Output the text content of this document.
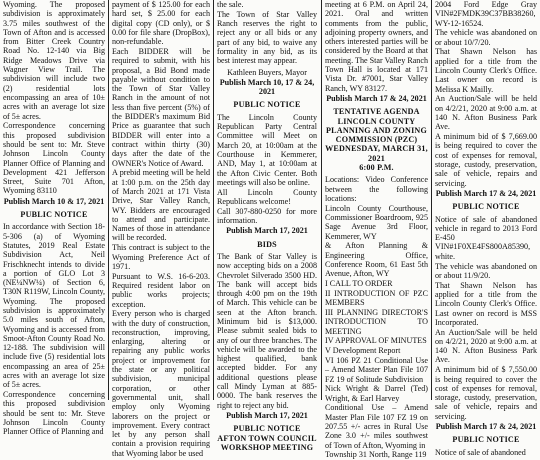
Wyoming. The proposed subdivision is approximately 3.75 miles southwest of the Town of Afton and is accessed from Bitter Creek Country Road No. 12-140 via Big Ridge Meadows Drive via Wagner View Trail. The subdivision will include two (2) residential lots encompassing an area of 10± acres with an average lot size of 5± acres.

Correspondence concerning this proposed subdivision should be sent to: Mr. Steve Johnson Lincoln County Planner Office of Planning and Development 421 Jefferson Street, Suite 701 Afton, Wyoming 83110

Publish March 10 & 17, 2021

PUBLIC NOTICE

In accordance with Section 18-5-306 (a) of Wyoming Statutes, 2019 Real Estate Subdivision Act, Neil Frischknecht intends to divide a portion of GLO Lot 3 (NE¼NW¼) of Section 6, T30N R119W, Lincoln County, Wyoming. The proposed subdivision is approximately 5.0 miles south of Afton, Wyoming and is accessed from Smoot-Afton County Road No. 12-188. The subdivision will include five (5) residential lots encompassing an area of 25± acres with an average lot size of 5± acres.

Correspondence concerning this proposed subdivision should be sent to: Mr. Steve Johnson Lincoln County Planner Office of Planning and

payment of $ 125.00 for each hard set, $ 25.00 for each digital copy (CD only), or $ 0.00 for file share (DropBox), non-refundable.

Each BIDDER will be required to submit, with his proposal, a Bid Bond made payable without condition to the Town of Star Valley Ranch in the amount of not less than five percent (5%) of the BIDDER's maximum Bid Price as guarantee that such BIDDER will enter into a contract within thirty (30) days after the date of the OWNER's Notice of Award.

A prebid meeting will be held at 1:00 p.m. on the 25th day of March 2021 at 171 Vista Drive, Star Valley Ranch, WY. Bidders are encouraged to attend and participate. Names of those in attendance will be recorded.

This contract is subject to the Wyoming Preference Act of 1971.

Pursuant to W.S. 16-6-203. Required resident labor on public works projects; exception.

Every person who is charged with the duty of construction, reconstruction, improving, enlarging, altering or repairing any public works project or improvement for the state or any political subdivision, municipal corporation, or other governmental unit, shall employ only Wyoming laborers on the project or improvement. Every contract let by any person shall contain a provision requiring that Wyoming labor be used

the sale.

The Town of Star Valley Ranch reserves the right to reject any or all bids or any part of any bid, to waive any formality in any bid, as its best interest may appear.

Kathleen Buyers, Mayor

Publish March 10, 17 & 24, 2021

PUBLIC NOTICE

The Lincoln County Republican Party Central Committee will Meet on March 20, at 10:00am at the Courthouse in Kemmerer, AND, May 1, at 10:00am at the Afton Civic Center. Both meetings will also be online.

All Lincoln County Republicans welcome!

Call 307-880-0250 for more information.

Publish March 17, 2021

BIDS

The Bank of Star Valley is now accepting bids on a 2008 Chevrolet Silverado 3500 HD. The bank will accept bids through 4:00 pm on the 19th of March. This vehicle can be seen at the Afton branch. Minimum bid is $13,000. Please submit sealed bids to any of our three branches. The vehicle will be awarded to the highest qualified, bank accepted bidder. For any additional questions please call Mindy Lyman at 885-0000. The bank reserves the right to reject any bid.

Publish March 17, 2021

PUBLIC NOTICE
AFTON TOWN COUNCIL
WORKSHOP MEETING

meeting at 6 P.M. on April 24, 2021. Oral and written comments from the public, adjoining property owners, and others interested parties will be considered by the Board at that meeting. The Star Valley Ranch Town Hall is located at 171 Vista Dr. #7001, Star Valley Ranch, WY 83127.

Publish March 17 & 24, 2021

TENTATIVE AGENDA
LINCOLN COUNTY
PLANNING AND ZONING
COMMISSION (PZC)
WEDNESDAY, MARCH 31,
2021
6:00 P.M.

Locations: Video Conference between the following locations:

Lincoln County Courthouse, Commissioner Boardroom, 925 Sage Avenue 3rd Floor, Kemmerer, WY

& Afton Planning & Engineering Office, Conference Room, 61 East 5th Avenue, Afton, WY

I CALL TO ORDER

II INTRODUCTION OF PZC MEMBERS

III PLANNING DIRECTOR'S INTRODUCTION TO MEETING

IV APPROVAL OF MINUTES

V Development Report

VI 106 PZ 21 Conditional Use – Amend Master Plan File 107 FZ 19 of Solitude Subdivision

Nick Wright & Darrel (Ted) Wright, & Earl Harvey

Conditional Use – Amend Master Plan File 107 FZ 19 on 207.55 +/- acres in Rural Use Zone 3.0 +/- miles southwest of Town of Afton, Wyoming in

Township 31 North, Range 119

2004 Ford Edge Gray VIN#2FMDK39C37BB38260, WY-12-16524.

The vehicle was abandoned on or about 10/7/20.

That Shawn Nelson has applied for a title from the Lincoln County Clerk's Office. Last owner on record is Melissa K Mailly.

An Auction/Sale will be held on 4/2/21, 2020 at 9:00 a.m. at 140 N. Afton Business Park Ave.

A minimum bid of $ 7,669.00 is being required to cover the cost of expenses for removal, storage, custody, preservation, sale of vehicle, repairs and servicing.

Publish March 17 & 24, 2021

PUBLIC NOTICE

Notice of sale of abandoned vehicle in regard to 2013 Ford E-450 VIN#1F0XE4FS800A85390, white.

The vehicle was abandoned on or about 11/9/20.

That Shawn Nelson has applied for a title from the Lincoln County Clerk's Office. Last owner on record is MSS Incorporated.

An Auction/Sale will be held on 4/2/21, 2020 at 9:00 a.m. at 140 N. Afton Business Park Ave.

A minimum bid of $ 7,550.00 is being required to cover the cost of expenses for removal, storage, custody, preservation, sale of vehicle, repairs and servicing.

Publish March 17 & 24, 2021

PUBLIC NOTICE

Notice of sale of abandoned
